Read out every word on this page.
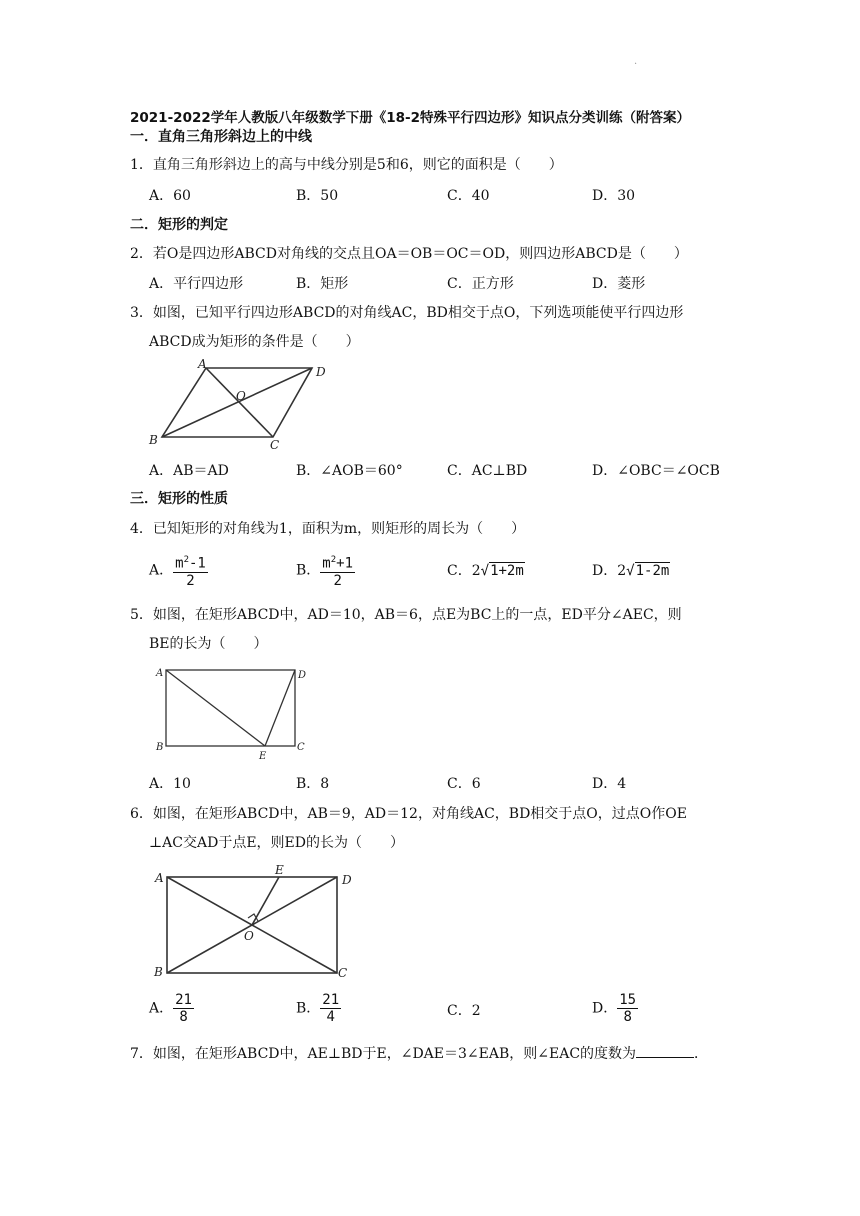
.
2021-2022学年人教版八年级数学下册《18-2特殊平行四边形》知识点分类训练（附答案）
一．直角三角形斜边上的中线
1．直角三角形斜边上的高与中线分别是5和6，则它的面积是（　　）
A．60	B．50	C．40	D．30
二．矩形的判定
2．若O是四边形ABCD对角线的交点且OA＝OB＝OC＝OD，则四边形ABCD是（　　）
A．平行四边形	B．矩形	C．正方形	D．菱形
3．如图，已知平行四边形ABCD的对角线AC，BD相交于点O，下列选项能使平行四边形
ABCD成为矩形的条件是（　　）
A
B	C
D
O
A．AB＝AD	B．∠AOB＝60°	C．AC⊥BD	D．∠OBC＝∠OCB
三．矩形的性质
4．已知矩形的对角线为1，面积为m，则矩形的周长为（　　）
A． $\frac{m^2-1}{2}$	B． $\frac{m^2+1}{2}$	C．2√1+2m	D．2√1-2m
5．如图，在矩形ABCD中，AD＝10，AB＝6，点E为BC上的一点，ED平分∠AEC，则
BE的长为（　　）
A
B	C
D
E
A．10	B．8	C．6	D．4
6．如图，在矩形ABCD中，AB＝9，AD＝12，对角线AC，BD相交于点O，过点O作OE
⊥AC交AD于点E，则ED的长为（　　）
A
B	C
D
E
O
A． $\frac{21}{8}$	B． $\frac{21}{4}$	C．2	D． $\frac{15}{8}$
7．如图，在矩形ABCD中，AE⊥BD于E，∠DAE＝3∠EAB，则∠EAC的度数为	．
